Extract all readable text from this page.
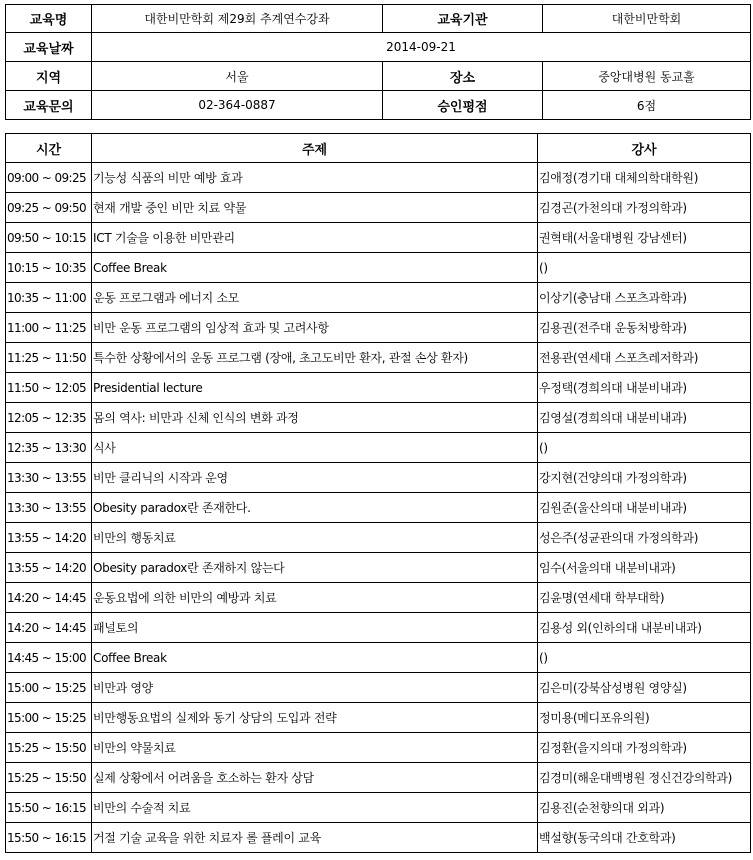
교육명	대한비만학회 제29회 추계연수강좌	교육기관	대한비만학회
교육날짜	2014-09-21		
지역	서울	장소	중앙대병원 동교홀
교육문의	02-364-0887	승인평점	6점
시간	주제	강사
09:00 ~ 09:25	기능성 식품의 비만 예방 효과	김애정(경기대 대체의학대학원)
09:25 ~ 09:50	현재 개발 중인 비만 치료 약물	김경곤(가천의대 가정의학과)
09:50 ~ 10:15	ICT 기술을 이용한 비만관리	권혁태(서울대병원 강남센터)
10:15 ~ 10:35	Coffee Break	()
10:35 ~ 11:00	운동 프로그램과 에너지 소모	이상기(충남대 스포츠과학과)
11:00 ~ 11:25	비만 운동 프로그램의 임상적 효과 및 고려사항	김용권(전주대 운동처방학과)
11:25 ~ 11:50	특수한 상황에서의 운동 프로그램 (장애, 초고도비만 환자, 관절 손상 환자)	전용관(연세대 스포츠레저학과)
11:50 ~ 12:05	Presidential lecture	우정택(경희의대 내분비내과)
12:05 ~ 12:35	몸의 역사: 비만과 신체 인식의 변화 과정	김영설(경희의대 내분비내과)
12:35 ~ 13:30	식사	()
13:30 ~ 13:55	비만 클리닉의 시작과 운영	강지현(건양의대 가정의학과)
13:30 ~ 13:55	Obesity paradox란 존재한다.	김원준(울산의대 내분비내과)
13:55 ~ 14:20	비만의 행동치료	성은주(성균관의대 가정의학과)
13:55 ~ 14:20	Obesity paradox란 존재하지 않는다	임수(서울의대 내분비내과)
14:20 ~ 14:45	운동요법에 의한 비만의 예방과 치료	김윤명(연세대 학부대학)
14:20 ~ 14:45	패널토의	김용성 외(인하의대 내분비내과)
14:45 ~ 15:00	Coffee Break	()
15:00 ~ 15:25	비만과 영양	김은미(강북삼성병원 영양실)
15:00 ~ 15:25	비만행동요법의 실제와 동기 상담의 도입과 전략	정미용(메디포유의원)
15:25 ~ 15:50	비만의 약물치료	김정환(을지의대 가정의학과)
15:25 ~ 15:50	실제 상황에서 어려움을 호소하는 환자 상담	김경미(해운대백병원 정신건강의학과)
15:50 ~ 16:15	비만의 수술적 치료	김용진(순천향의대 외과)
15:50 ~ 16:15	거절 기술 교육을 위한 치료자 롤 플레이 교육	백설향(동국의대 간호학과)
